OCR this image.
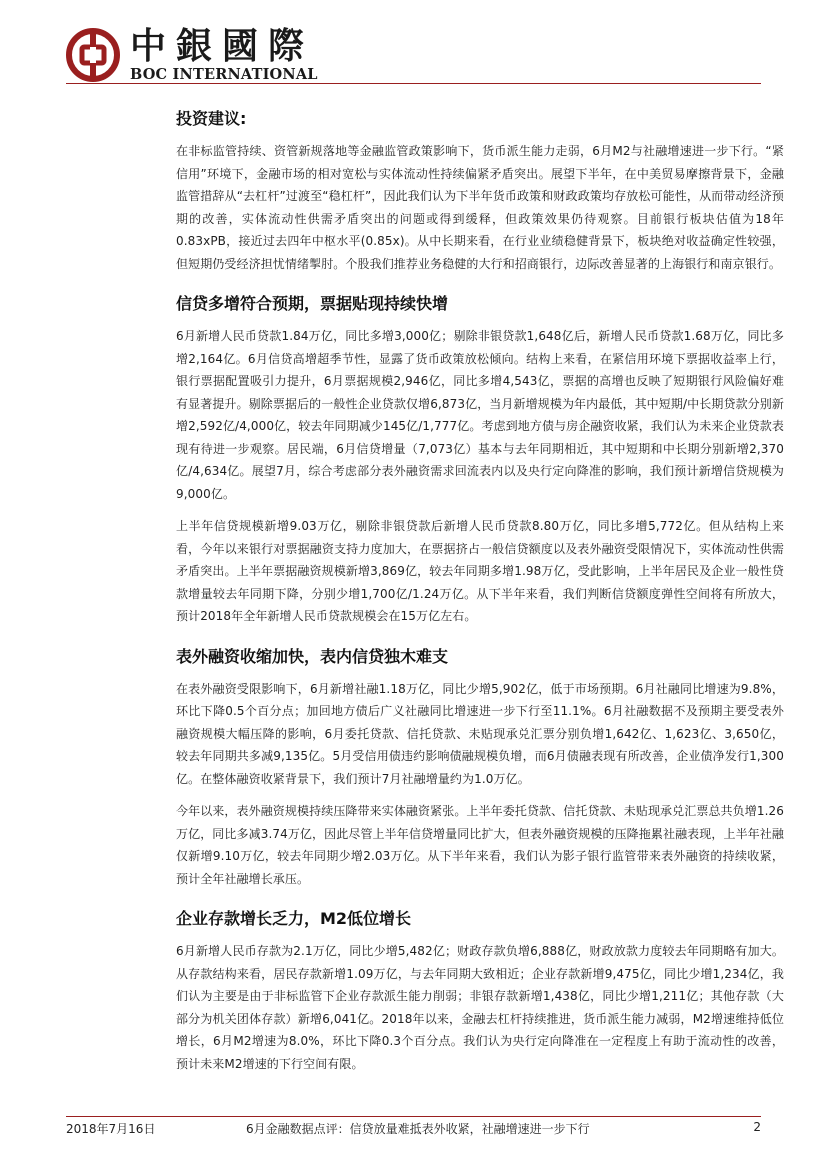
中銀國際
BOC INTERNATIONAL
投资建议:

在非标监管持续、资管新规落地等金融监管政策影响下，货币派生能力走弱，6月M2与社融增速进一步下行。“紧信用”环境下，金融市场的相对宽松与实体流动性持续偏紧矛盾突出。展望下半年，在中美贸易摩擦背景下，金融监管措辞从“去杠杆”过渡至“稳杠杆”，因此我们认为下半年货币政策和财政政策均存放松可能性，从而带动经济预期的改善，实体流动性供需矛盾突出的问题或得到缓释，但政策效果仍待观察。目前银行板块估值为18年0.83xPB，接近过去四年中枢水平(0.85x)。从中长期来看，在行业业绩稳健背景下，板块绝对收益确定性较强，但短期仍受经济担忧情绪掣肘。个股我们推荐业务稳健的大行和招商银行，边际改善显著的上海银行和南京银行。

信贷多增符合预期，票据贴现持续快增

6月新增人民币贷款1.84万亿，同比多增3,000亿；剔除非银贷款1,648亿后，新增人民币贷款1.68万亿，同比多增2,164亿。6月信贷高增超季节性，显露了货币政策放松倾向。结构上来看，在紧信用环境下票据收益率上行，银行票据配置吸引力提升，6月票据规模2,946亿，同比多增4,543亿，票据的高增也反映了短期银行风险偏好难有显著提升。剔除票据后的一般性企业贷款仅增6,873亿，当月新增规模为年内最低，其中短期/中长期贷款分别新增2,592亿/4,000亿，较去年同期减少145亿/1,777亿。考虑到地方债与房企融资收紧，我们认为未来企业贷款表现有待进一步观察。居民端，6月信贷增量（7,073亿）基本与去年同期相近，其中短期和中长期分别新增2,370亿/4,634亿。展望7月，综合考虑部分表外融资需求回流表内以及央行定向降准的影响，我们预计新增信贷规模为9,000亿。

上半年信贷规模新增9.03万亿，剔除非银贷款后新增人民币贷款8.80万亿，同比多增5,772亿。但从结构上来看，今年以来银行对票据融资支持力度加大，在票据挤占一般信贷额度以及表外融资受限情况下，实体流动性供需矛盾突出。上半年票据融资规模新增3,869亿，较去年同期多增1.98万亿，受此影响，上半年居民及企业一般性贷款增量较去年同期下降，分别少增1,700亿/1.24万亿。从下半年来看，我们判断信贷额度弹性空间将有所放大，预计2018年全年新增人民币贷款规模会在15万亿左右。

表外融资收缩加快，表内信贷独木难支

在表外融资受限影响下，6月新增社融1.18万亿，同比少增5,902亿，低于市场预期。6月社融同比增速为9.8%，环比下降0.5个百分点；加回地方债后广义社融同比增速进一步下行至11.1%。6月社融数据不及预期主要受表外融资规模大幅压降的影响，6月委托贷款、信托贷款、未贴现承兑汇票分别负增1,642亿、1,623亿、3,650亿，较去年同期共多减9,135亿。5月受信用债违约影响债融规模负增，而6月债融表现有所改善，企业债净发行1,300亿。在整体融资收紧背景下，我们预计7月社融增量约为1.0万亿。

今年以来，表外融资规模持续压降带来实体融资紧张。上半年委托贷款、信托贷款、未贴现承兑汇票总共负增1.26万亿，同比多减3.74万亿，因此尽管上半年信贷增量同比扩大，但表外融资规模的压降拖累社融表现，上半年社融仅新增9.10万亿，较去年同期少增2.03万亿。从下半年来看，我们认为影子银行监管带来表外融资的持续收紧，预计全年社融增长承压。

企业存款增长乏力，M2低位增长

6月新增人民币存款为2.1万亿，同比少增5,482亿；财政存款负增6,888亿，财政放款力度较去年同期略有加大。从存款结构来看，居民存款新增1.09万亿，与去年同期大致相近；企业存款新增9,475亿，同比少增1,234亿，我们认为主要是由于非标监管下企业存款派生能力削弱；非银存款新增1,438亿，同比少增1,211亿；其他存款（大部分为机关团体存款）新增6,041亿。2018年以来，金融去杠杆持续推进，货币派生能力减弱，M2增速维持低位增长，6月M2增速为8.0%，环比下降0.3个百分点。我们认为央行定向降准在一定程度上有助于流动性的改善，预计未来M2增速的下行空间有限。

2018年7月16日	6月金融数据点评：信贷放量难抵表外收紧，社融增速进一步下行	2
